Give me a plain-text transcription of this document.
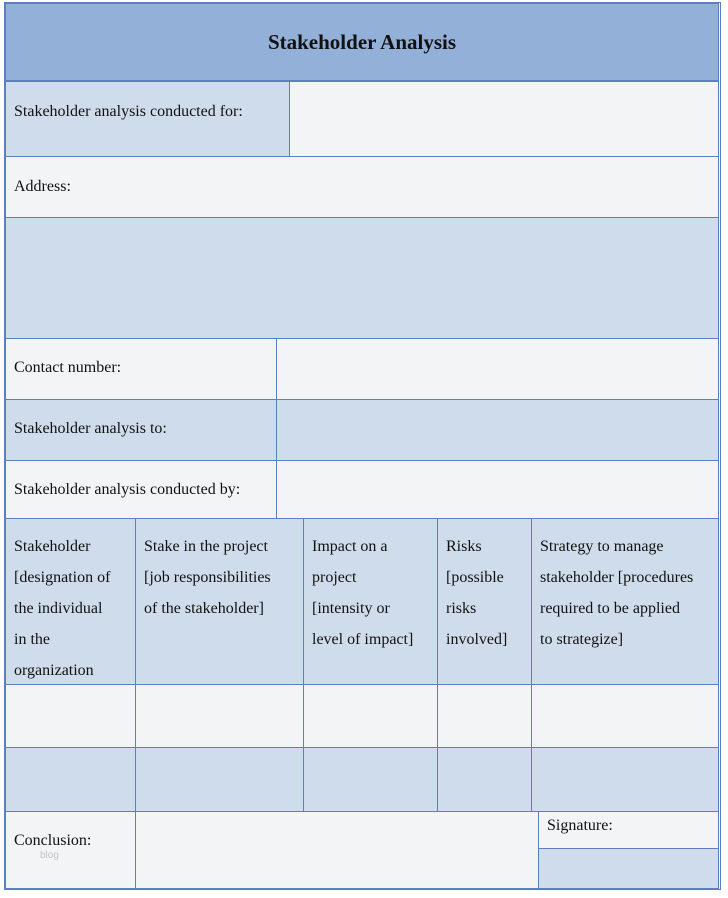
Stakeholder Analysis
Stakeholder analysis conducted for:
Address:
Contact number:
Stakeholder analysis to:
Stakeholder analysis conducted by:
Stakeholder
[designation of
the individual
in the
organization
Stake in the project
[job responsibilities
of the stakeholder]
Impact on a
project
[intensity or
level of impact]
Risks
[possible
risks
involved]
Strategy to manage
stakeholder [procedures
required to be applied
to strategize]
Conclusion:
blog
Signature:
